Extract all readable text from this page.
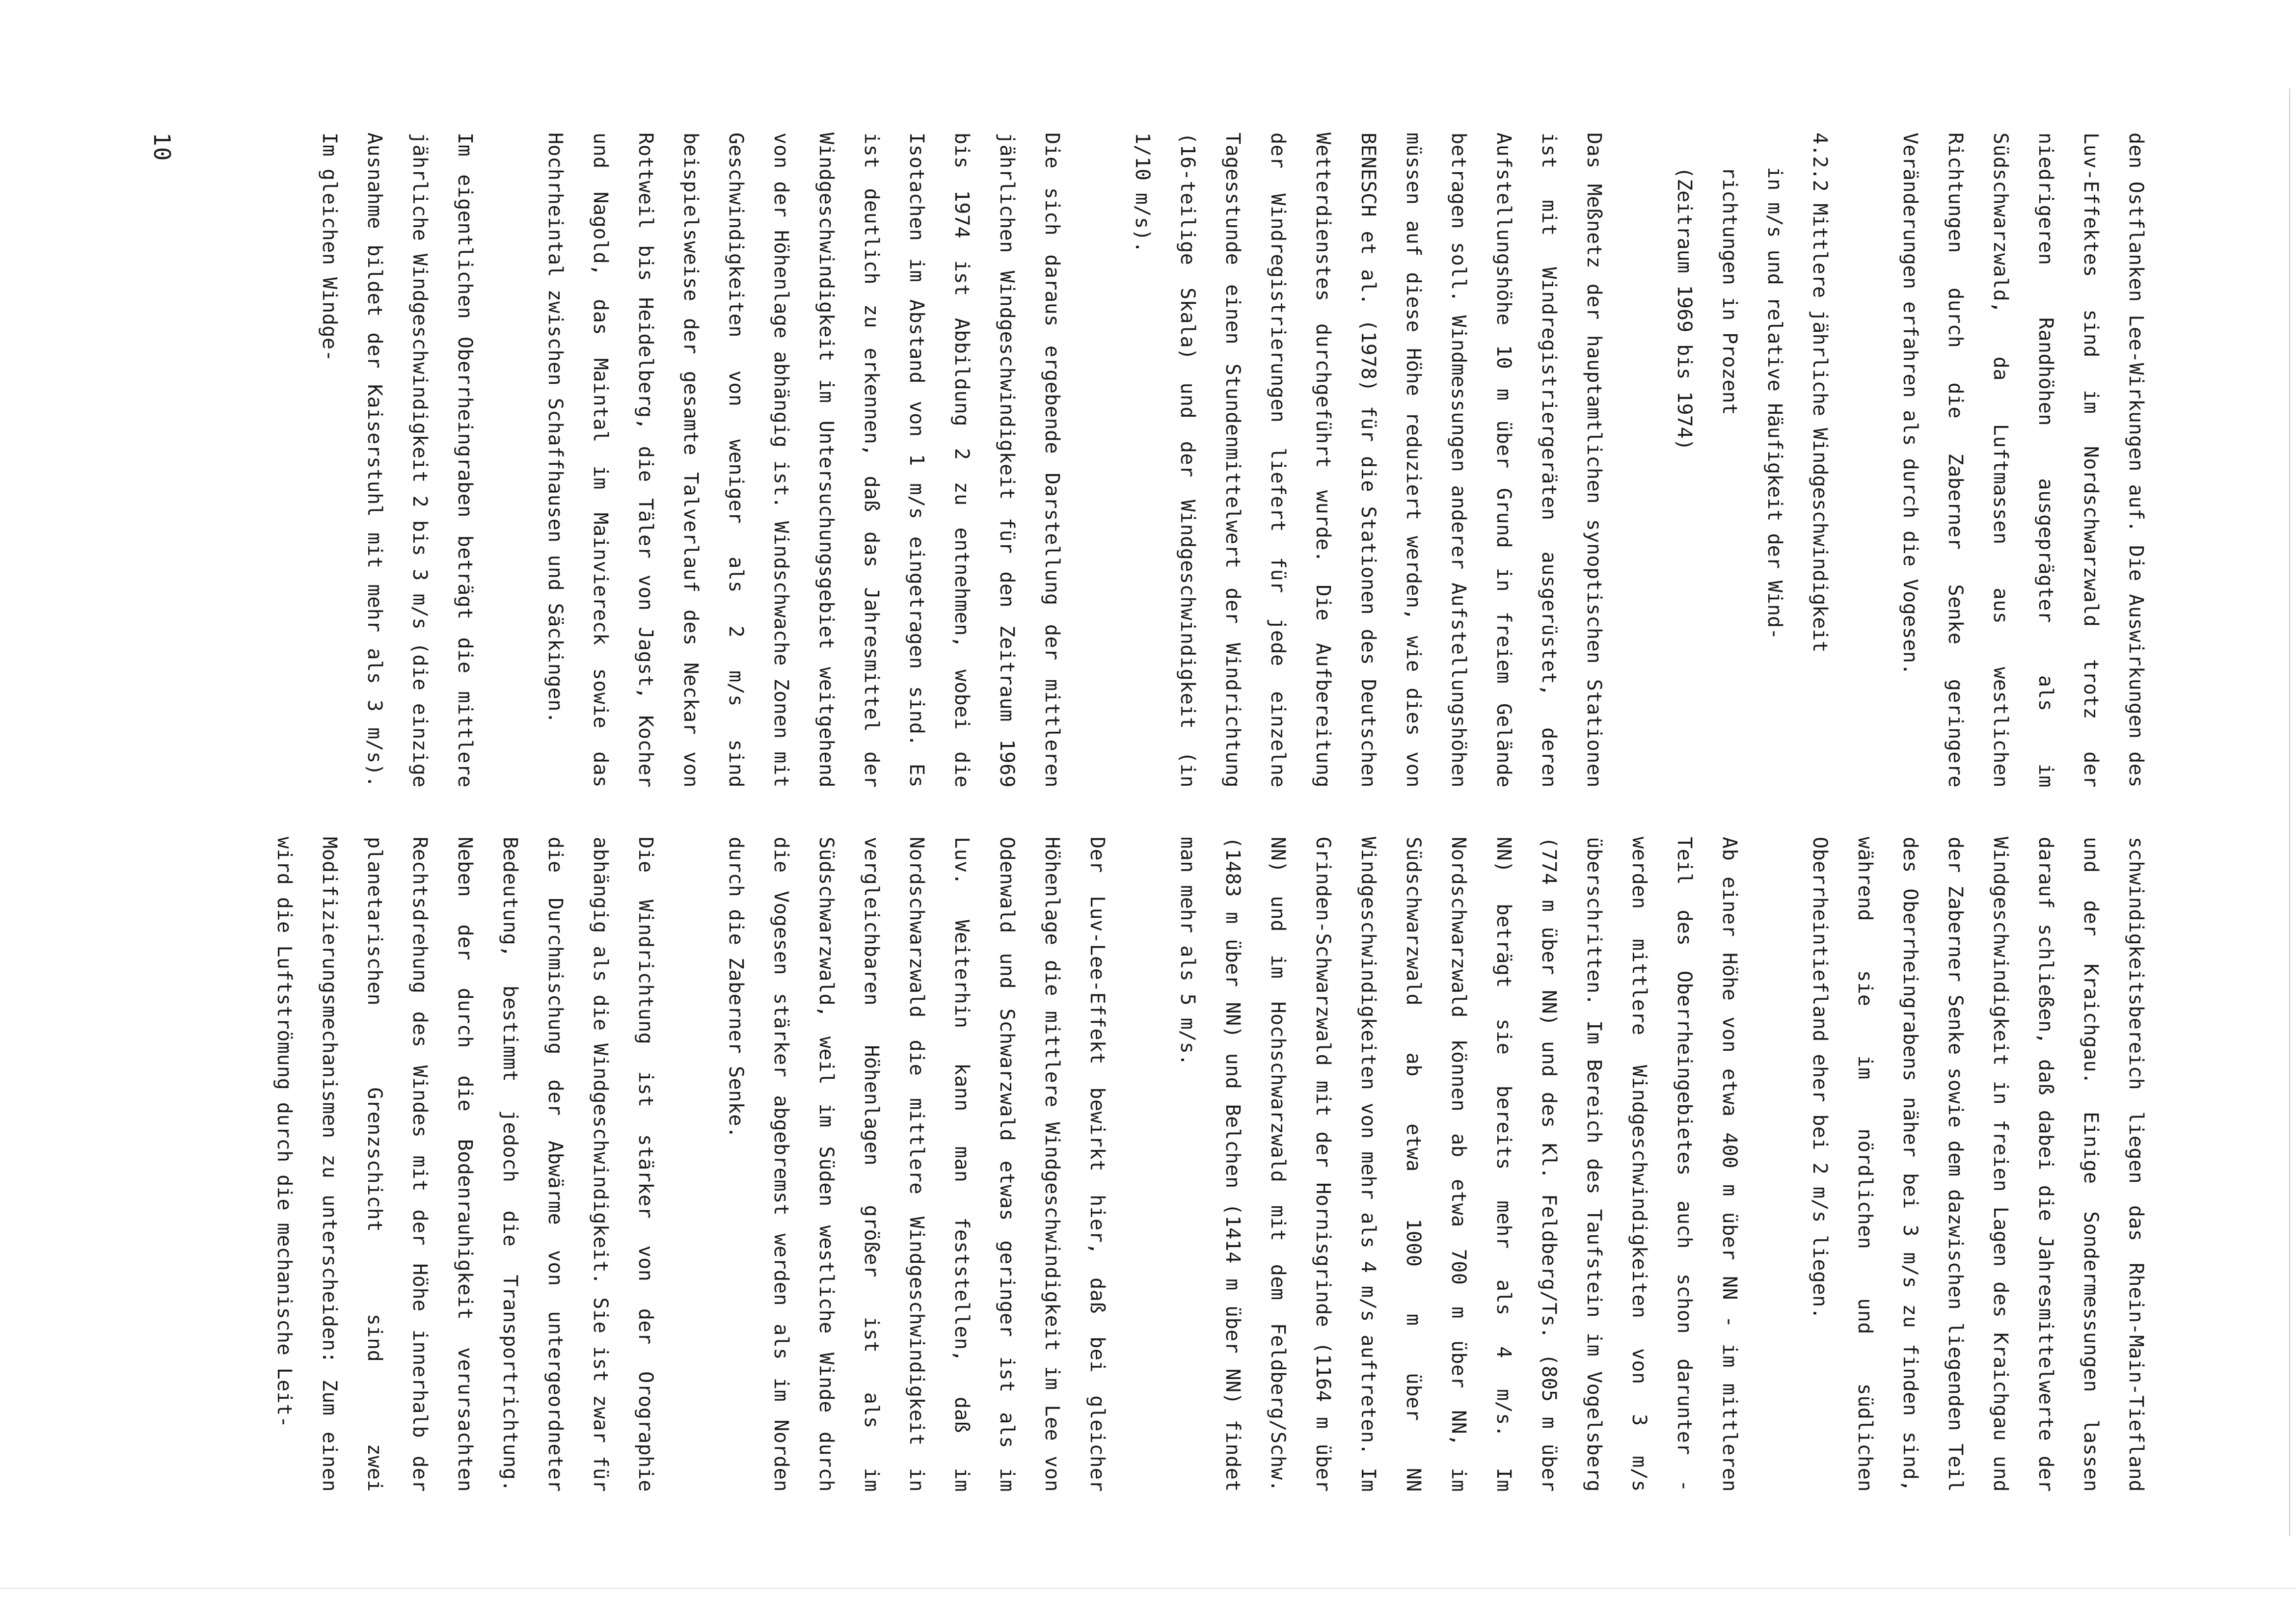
den Ostflanken Lee-Wirkungen auf. Die Auswirkungen des Luv-Effektes sind im Nordschwarzwald trotz der niedrigeren Randhöhen ausgeprägter als im Südschwarzwald, da Luftmassen aus westlichen Richtungen durch die Zaberner Senke geringere Veränderungen erfahren als durch die Vogesen.

4.2.2 Mittlere jährliche Windgeschwindigkeit
in m/s und relative Häufigkeit der Wind-
richtungen in Prozent
(Zeitraum 1969 bis 1974)

Das Meßnetz der hauptamtlichen synoptischen Stationen ist mit Windregistriergeräten ausgerüstet, deren Aufstellungshöhe 10 m über Grund in freiem Gelände betragen soll. Windmessungen anderer Aufstellungshöhen müssen auf diese Höhe reduziert werden, wie dies von BENESCH et al. (1978) für die Stationen des Deutschen Wetterdienstes durchgeführt wurde. Die Aufbereitung der Windregistrierungen liefert für jede einzelne Tagesstunde einen Stundenmittelwert der Windrichtung (16-teilige Skala) und der Windgeschwindigkeit (in 1/10 m/s).

Die sich daraus ergebende Darstellung der mittleren jährlichen Windgeschwindigkeit für den Zeitraum 1969 bis 1974 ist Abbildung 2 zu entnehmen, wobei die Isotachen im Abstand von 1 m/s eingetragen sind. Es ist deutlich zu erkennen, daß das Jahresmittel der Windgeschwindigkeit im Untersuchungsgebiet weitgehend von der Höhenlage abhängig ist. Windschwache Zonen mit Geschwindigkeiten von weniger als 2 m/s sind beispielsweise der gesamte Talverlauf des Neckar von Rottweil bis Heidelberg, die Täler von Jagst, Kocher und Nagold, das Maintal im Mainviereck sowie das Hochrheintal zwischen Schaffhausen und Säckingen.

Im eigentlichen Oberrheingraben beträgt die mittlere jährliche Windgeschwindigkeit 2 bis 3 m/s (die einzige Ausnahme bildet der Kaiserstuhl mit mehr als 3 m/s). Im gleichen Windge-

schwindigkeitsbereich liegen das Rhein-Main-Tiefland und der Kraichgau. Einige Sondermessungen lassen darauf schließen, daß dabei die Jahresmittelwerte der Windgeschwindigkeit in freien Lagen des Kraichgau und der Zaberner Senke sowie dem dazwischen liegenden Teil des Oberrheingrabens näher bei 3 m/s zu finden sind, während sie im nördlichen und südlichen Oberrheintiefland eher bei 2 m/s liegen.

Ab einer Höhe von etwa 400 m über NN - im mittleren Teil des Oberrheingebietes auch schon darunter - werden mittlere Windgeschwindigkeiten von 3 m/s überschritten. Im Bereich des Taufstein im Vogelsberg (774 m über NN) und des Kl. Feldberg/Ts. (805 m über NN) beträgt sie bereits mehr als 4 m/s. Im Nordschwarzwald können ab etwa 700 m über NN, im Südschwarzwald ab etwa 1000 m über NN Windgeschwindigkeiten von mehr als 4 m/s auftreten. Im Grinden-Schwarzwald mit der Hornisgrinde (1164 m über NN) und im Hochschwarzwald mit dem Feldberg/Schw. (1483 m über NN) und Belchen (1414 m über NN) findet man mehr als 5 m/s.

Der Luv-Lee-Effekt bewirkt hier, daß bei gleicher Höhenlage die mittlere Windgeschwindigkeit im Lee von Odenwald und Schwarzwald etwas geringer ist als im Luv. Weiterhin kann man feststellen, daß im Nordschwarzwald die mittlere Windgeschwindigkeit in vergleichbaren Höhenlagen größer ist als im Südschwarzwald, weil im Süden westliche Winde durch die Vogesen stärker abgebremst werden als im Norden durch die Zaberner Senke.

Die Windrichtung ist stärker von der Orographie abhängig als die Windgeschwindigkeit. Sie ist zwar für die Durchmischung der Abwärme von untergeordneter Bedeutung, bestimmt jedoch die Transportrichtung. Neben der durch die Bodenrauhigkeit verursachten Rechtsdrehung des Windes mit der Höhe innerhalb der planetarischen Grenzschicht sind zwei Modifizierungsmechanismen zu unterscheiden: Zum einen wird die Luftströmung durch die mechanische Leit-

10
